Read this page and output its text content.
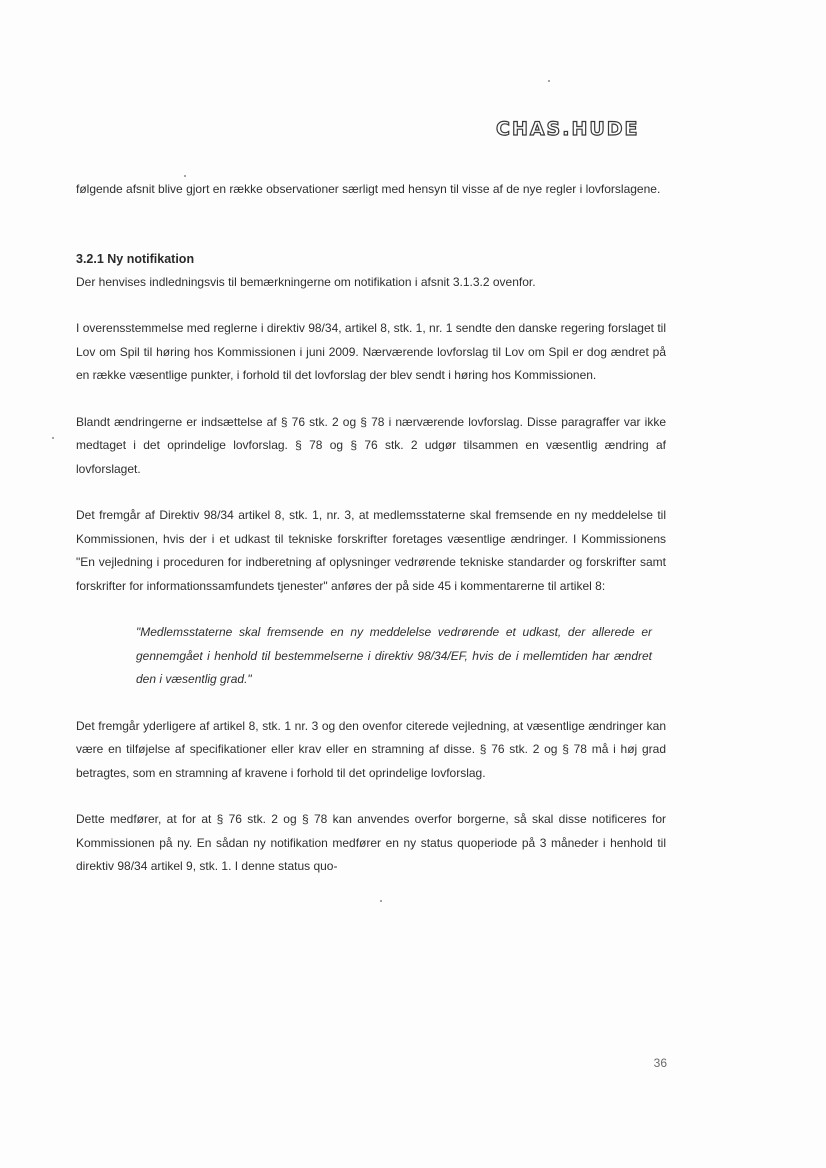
CHAS.HUDE

følgende afsnit blive gjort en række observationer særligt med hensyn til visse af de nye regler i lovforslagene.

3.2.1 Ny notifikation

Der henvises indledningsvis til bemærkningerne om notifikation i afsnit 3.1.3.2 ovenfor.

I overensstemmelse med reglerne i direktiv 98/34, artikel 8, stk. 1, nr. 1 sendte den danske regering forslaget til Lov om Spil til høring hos Kommissionen i juni 2009. Nærværende lovforslag til Lov om Spil er dog ændret på en række væsentlige punkter, i forhold til det lovforslag der blev sendt i høring hos Kommissionen.

Blandt ændringerne er indsættelse af § 76 stk. 2 og § 78 i nærværende lovforslag. Disse paragraffer var ikke medtaget i det oprindelige lovforslag. § 78 og § 76 stk. 2 udgør tilsammen en væsentlig ændring af lovforslaget.

Det fremgår af Direktiv 98/34 artikel 8, stk. 1, nr. 3, at medlemsstaterne skal fremsende en ny meddelelse til Kommissionen, hvis der i et udkast til tekniske forskrifter foretages væsentlige ændringer. I Kommissionens "En vejledning i proceduren for indberetning af oplysninger vedrørende tekniske standarder og forskrifter samt forskrifter for informationssamfundets tjenester" anføres der på side 45 i kommentarerne til artikel 8:

"Medlemsstaterne skal fremsende en ny meddelelse vedrørende et udkast, der allerede er gennemgået i henhold til bestemmelserne i direktiv 98/34/EF, hvis de i mellemtiden har ændret den i væsentlig grad."

Det fremgår yderligere af artikel 8, stk. 1 nr. 3 og den ovenfor citerede vejledning, at væsentlige ændringer kan være en tilføjelse af specifikationer eller krav eller en stramning af disse. § 76 stk. 2 og § 78 må i høj grad betragtes, som en stramning af kravene i forhold til det oprindelige lovforslag.

Dette medfører, at for at § 76 stk. 2 og § 78 kan anvendes overfor borgerne, så skal disse notificeres for Kommissionen på ny. En sådan ny notifikation medfører en ny status quoperiode på 3 måneder i henhold til direktiv 98/34 artikel 9, stk. 1. I denne status quo-

36
